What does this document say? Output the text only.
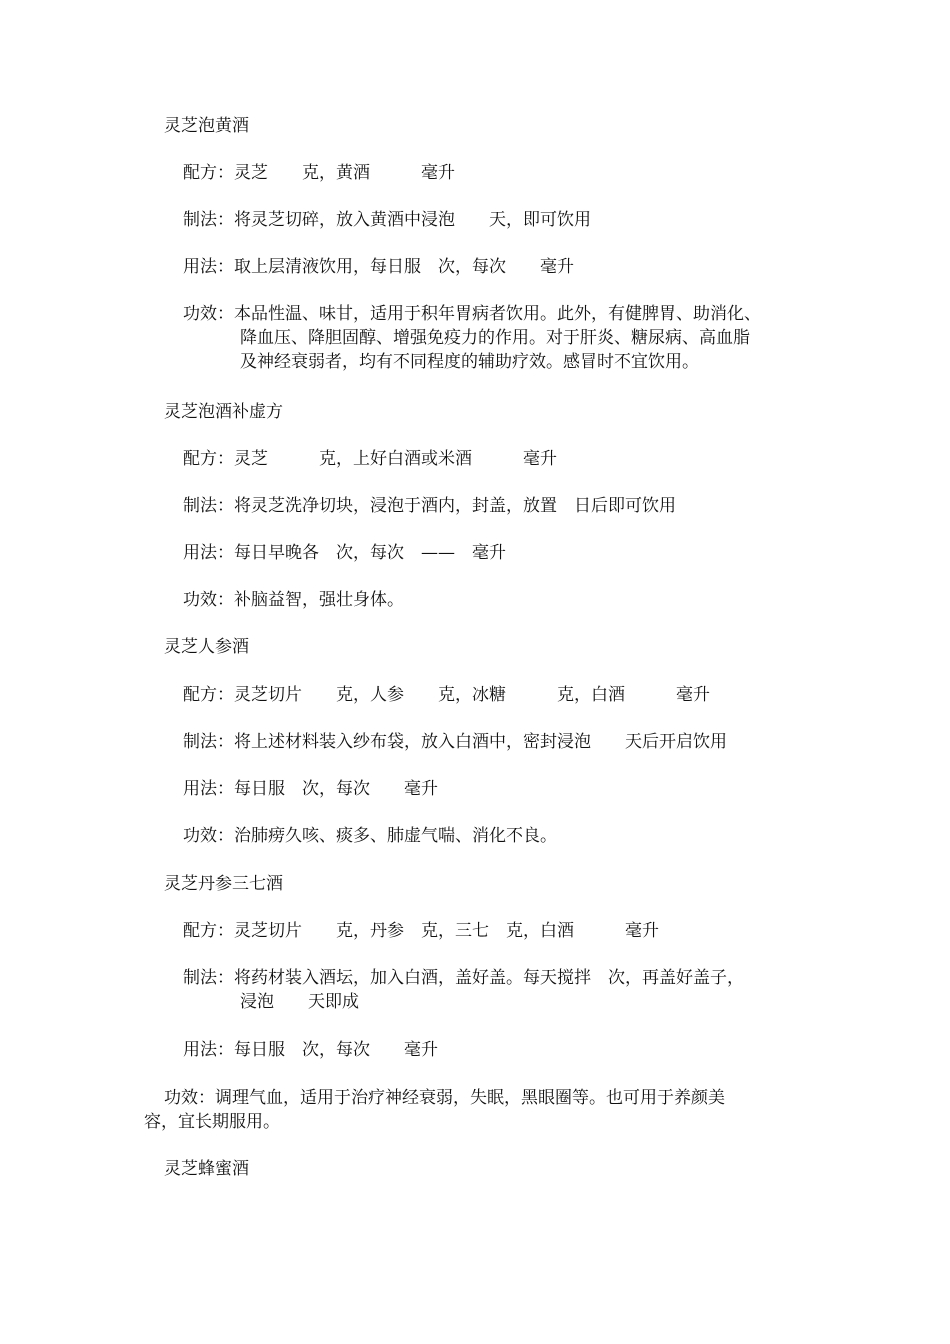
灵芝泡黄酒

配方：灵芝　　克，黄酒　　　毫升

制法：将灵芝切碎，放入黄酒中浸泡　　天，即可饮用

用法：取上层清液饮用，每日服　次，每次　　毫升

功效：本品性温、味甘，适用于积年胃病者饮用。此外，有健脾胃、助消化、

降血压、降胆固醇、增强免疫力的作用。对于肝炎、糖尿病、高血脂

及神经衰弱者，均有不同程度的辅助疗效。感冒时不宜饮用。

灵芝泡酒补虚方

配方：灵芝　　　克，上好白酒或米酒　　　毫升

制法：将灵芝洗净切块，浸泡于酒内，封盖，放置　日后即可饮用

用法：每日早晚各　次，每次　——　毫升

功效：补脑益智，强壮身体。

灵芝人参酒

配方：灵芝切片　　克，人参　　克，冰糖　　　克，白酒　　　毫升

制法：将上述材料装入纱布袋，放入白酒中，密封浸泡　　天后开启饮用

用法：每日服　次，每次　　毫升

功效：治肺痨久咳、痰多、肺虚气喘、消化不良。

灵芝丹参三七酒

配方：灵芝切片　　克，丹参　克，三七　克，白酒　　　毫升

制法：将药材装入酒坛，加入白酒，盖好盖。每天搅拌　次，再盖好盖子，

浸泡　　天即成

用法：每日服　次，每次　　毫升

功效：调理气血，适用于治疗神经衰弱，失眠，黑眼圈等。也可用于养颜美

容，宜长期服用。

灵芝蜂蜜酒
